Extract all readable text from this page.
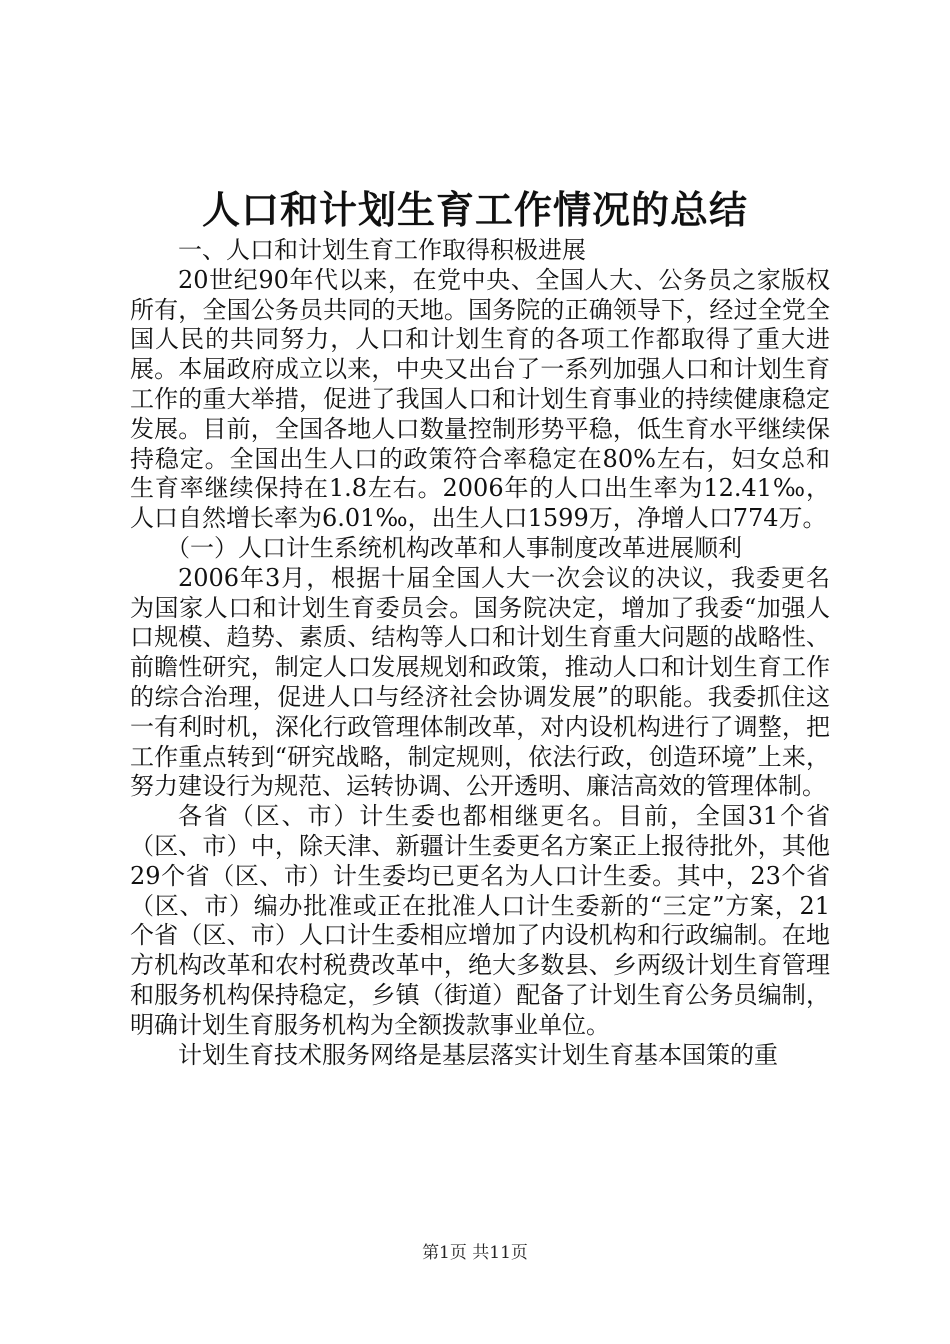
人口和计划生育工作情况的总结

一、人口和计划生育工作取得积极进展

20世纪90年代以来，在党中央、全国人大、公务员之家版权所有，全国公务员共同的天地。国务院的正确领导下，经过全党全国人民的共同努力，人口和计划生育的各项工作都取得了重大进展。本届政府成立以来，中央又出台了一系列加强人口和计划生育工作的重大举措，促进了我国人口和计划生育事业的持续健康稳定发展。目前，全国各地人口数量控制形势平稳，低生育水平继续保持稳定。全国出生人口的政策符合率稳定在80%左右，妇女总和生育率继续保持在1.8左右。2006年的人口出生率为12.41‰，人口自然增长率为6.01‰，出生人口1599万，净增人口774万。

（一）人口计生系统机构改革和人事制度改革进展顺利

2006年3月，根据十届全国人大一次会议的决议，我委更名为国家人口和计划生育委员会。国务院决定，增加了我委“加强人口规模、趋势、素质、结构等人口和计划生育重大问题的战略性、前瞻性研究，制定人口发展规划和政策，推动人口和计划生育工作的综合治理，促进人口与经济社会协调发展”的职能。我委抓住这一有利时机，深化行政管理体制改革，对内设机构进行了调整，把工作重点转到“研究战略，制定规则，依法行政，创造环境”上来，努力建设行为规范、运转协调、公开透明、廉洁高效的管理体制。

各省（区、市）计生委也都相继更名。目前，全国31个省（区、市）中，除天津、新疆计生委更名方案正上报待批外，其他29个省（区、市）计生委均已更名为人口计生委。其中，23个省（区、市）编办批准或正在批准人口计生委新的“三定”方案，21个省（区、市）人口计生委相应增加了内设机构和行政编制。在地方机构改革和农村税费改革中，绝大多数县、乡两级计划生育管理和服务机构保持稳定，乡镇（街道）配备了计划生育公务员编制，明确计划生育服务机构为全额拨款事业单位。

计划生育技术服务网络是基层落实计划生育基本国策的重

第1页 共11页
